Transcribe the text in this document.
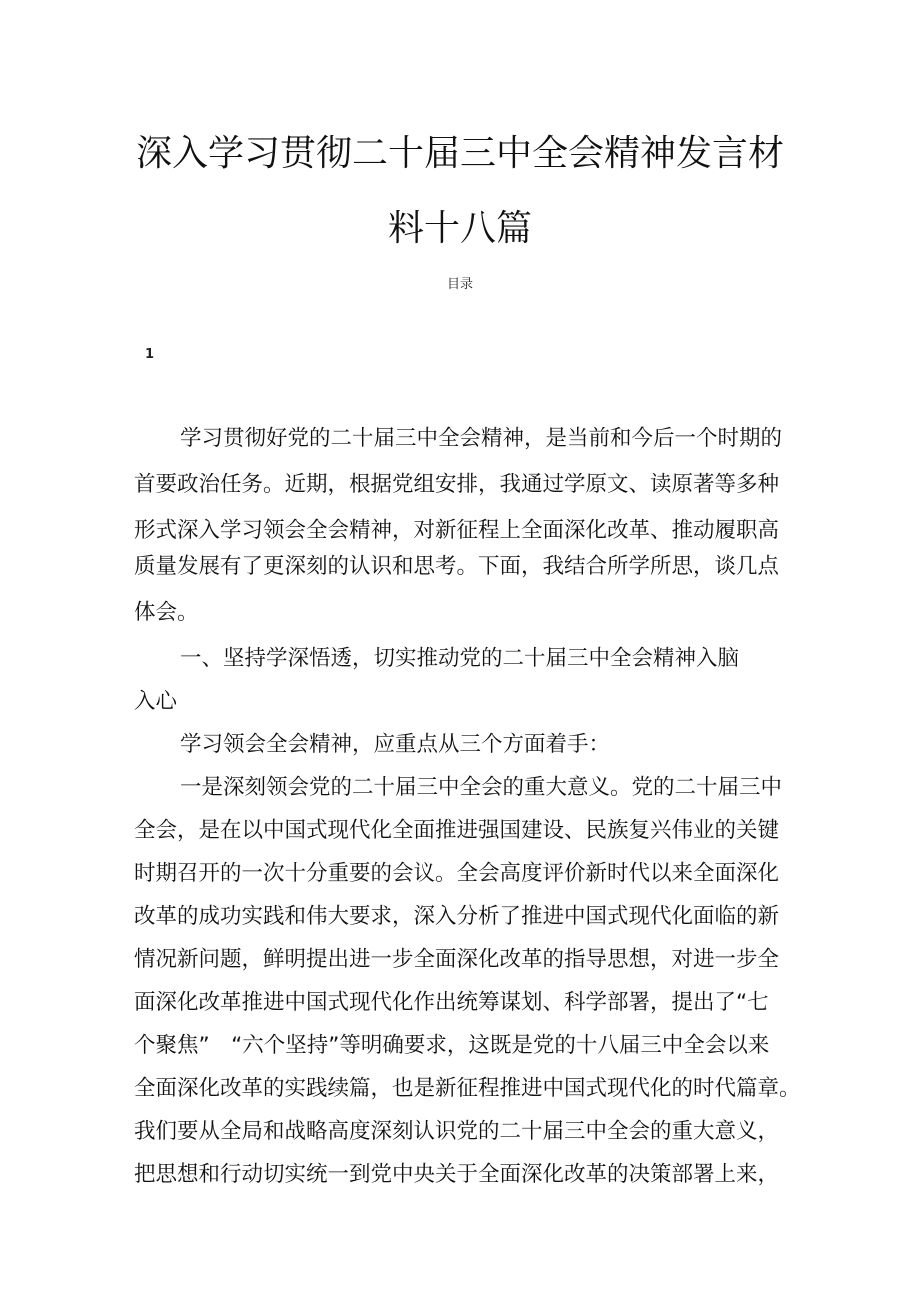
深入学习贯彻二十届三中全会精神发言材
料十八篇
目录
1
学习贯彻好党的二十届三中全会精神，是当前和今后一个时期的
首要政治任务。近期，根据党组安排，我通过学原文、读原著等多种
形式深入学习领会全会精神，对新征程上全面深化改革、推动履职高
质量发展有了更深刻的认识和思考。下面，我结合所学所思，谈几点
体会。
一、坚持学深悟透，切实推动党的二十届三中全会精神入脑
入心
学习领会全会精神，应重点从三个方面着手：
一是深刻领会党的二十届三中全会的重大意义。党的二十届三中
全会，是在以中国式现代化全面推进强国建设、民族复兴伟业的关键
时期召开的一次十分重要的会议。全会高度评价新时代以来全面深化
改革的成功实践和伟大要求，深入分析了推进中国式现代化面临的新
情况新问题，鲜明提出进一步全面深化改革的指导思想，对进一步全
面深化改革推进中国式现代化作出统筹谋划、科学部署，提出了“七
个聚焦”　“六个坚持”等明确要求，这既是党的十八届三中全会以来
全面深化改革的实践续篇，也是新征程推进中国式现代化的时代篇章。
我们要从全局和战略高度深刻认识党的二十届三中全会的重大意义，
把思想和行动切实统一到党中央关于全面深化改革的决策部署上来，
